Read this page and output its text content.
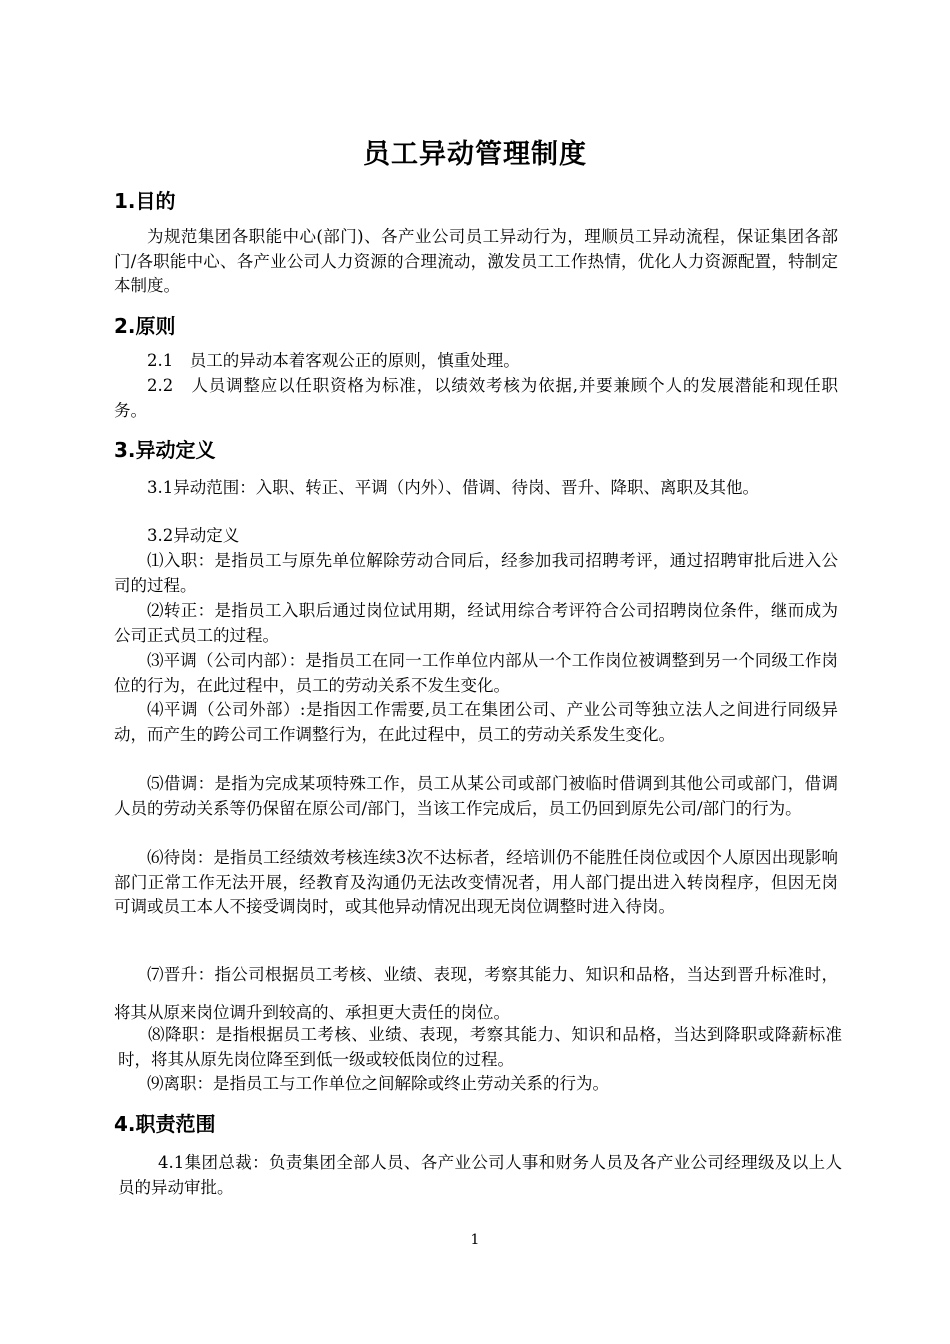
员工异动管理制度
1.目的

为规范集团各职能中心(部门)、各产业公司员工异动行为，理顺员工异动流程，保证集团各部门/各职能中心、各产业公司人力资源的合理流动，激发员工工作热情，优化人力资源配置，特制定本制度。

2.原则

2.1　员工的异动本着客观公正的原则，慎重处理。

2.2　人员调整应以任职资格为标准，以绩效考核为依据,并要兼顾个人的发展潜能和现任职务。

3.异动定义

3.1异动范围：入职、转正、平调（内外）、借调、待岗、晋升、降职、离职及其他。

3.2异动定义

⑴入职：是指员工与原先单位解除劳动合同后，经参加我司招聘考评，通过招聘审批后进入公司的过程。

⑵转正：是指员工入职后通过岗位试用期，经试用综合考评符合公司招聘岗位条件，继而成为公司正式员工的过程。

⑶平调（公司内部）：是指员工在同一工作单位内部从一个工作岗位被调整到另一个同级工作岗位的行为，在此过程中，员工的劳动关系不发生变化。

⑷平调（公司外部）:是指因工作需要,员工在集团公司、产业公司等独立法人之间进行同级异动，而产生的跨公司工作调整行为，在此过程中，员工的劳动关系发生变化。

⑸借调：是指为完成某项特殊工作，员工从某公司或部门被临时借调到其他公司或部门，借调人员的劳动关系等仍保留在原公司/部门，当该工作完成后，员工仍回到原先公司/部门的行为。

⑹待岗：是指员工经绩效考核连续3次不达标者，经培训仍不能胜任岗位或因个人原因出现影响部门正常工作无法开展，经教育及沟通仍无法改变情况者，用人部门提出进入转岗程序，但因无岗可调或员工本人不接受调岗时，或其他异动情况出现无岗位调整时进入待岗。

⑺晋升：指公司根据员工考核、业绩、表现，考察其能力、知识和品格，当达到晋升标准时，将其从原来岗位调升到较高的、承担更大责任的岗位。

⑻降职：是指根据员工考核、业绩、表现，考察其能力、知识和品格，当达到降职或降薪标准时，将其从原先岗位降至到低一级或较低岗位的过程。

⑼离职：是指员工与工作单位之间解除或终止劳动关系的行为。

4.职责范围

4.1集团总裁：负责集团全部人员、各产业公司人事和财务人员及各产业公司经理级及以上人员的异动审批。

1
